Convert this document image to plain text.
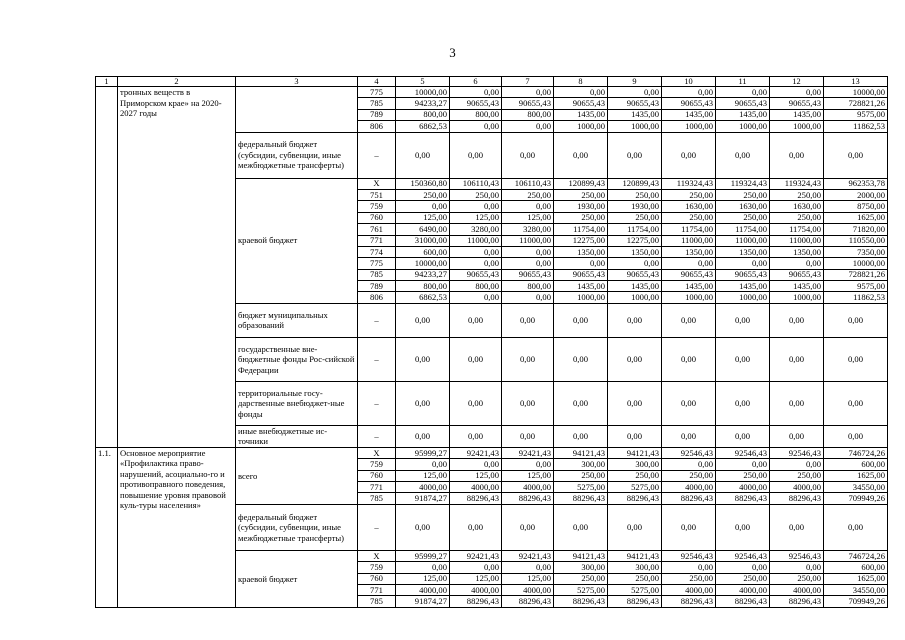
3
1	2	3	4	5	6	7	8	9	10	11	12	13
	тронных веществ в Приморском крае» на 2020-2027 годы		775	10000,00	0,00	0,00	0,00	0,00	0,00	0,00	0,00	10000,00
			785	94233,27	90655,43	90655,43	90655,43	90655,43	90655,43	90655,43	90655,43	728821,26
			789	800,00	800,00	800,00	1435,00	1435,00	1435,00	1435,00	1435,00	9575,00
			806	6862,53	0,00	0,00	1000,00	1000,00	1000,00	1000,00	1000,00	11862,53
		федеральный бюджет (субсидии, субвенции, иные межбюджетные трансферты)	–	0,00	0,00	0,00	0,00	0,00	0,00	0,00	0,00	0,00
		краевой бюджет	X	150360,80	106110,43	106110,43	120899,43	120899,43	119324,43	119324,43	119324,43	962353,78
			751	250,00	250,00	250,00	250,00	250,00	250,00	250,00	250,00	2000,00
			759	0,00	0,00	0,00	1930,00	1930,00	1630,00	1630,00	1630,00	8750,00
			760	125,00	125,00	125,00	250,00	250,00	250,00	250,00	250,00	1625,00
			761	6490,00	3280,00	3280,00	11754,00	11754,00	11754,00	11754,00	11754,00	71820,00
			771	31000,00	11000,00	11000,00	12275,00	12275,00	11000,00	11000,00	11000,00	110550,00
			774	600,00	0,00	0,00	1350,00	1350,00	1350,00	1350,00	1350,00	7350,00
			775	10000,00	0,00	0,00	0,00	0,00	0,00	0,00	0,00	10000,00
			785	94233,27	90655,43	90655,43	90655,43	90655,43	90655,43	90655,43	90655,43	728821,26
			789	800,00	800,00	800,00	1435,00	1435,00	1435,00	1435,00	1435,00	9575,00
			806	6862,53	0,00	0,00	1000,00	1000,00	1000,00	1000,00	1000,00	11862,53
		бюджет муниципальных образований	–	0,00	0,00	0,00	0,00	0,00	0,00	0,00	0,00	0,00
		государственные вне-бюджетные фонды Рос-сийской Федерации	–	0,00	0,00	0,00	0,00	0,00	0,00	0,00	0,00	0,00
		территориальные госу-дарственные внебюджет-ные фонды	–	0,00	0,00	0,00	0,00	0,00	0,00	0,00	0,00	0,00
		иные внебюджетные ис-точники	–	0,00	0,00	0,00	0,00	0,00	0,00	0,00	0,00	0,00
1.1.	Основное мероприятие «Профилактика право-нарушений, асоциально-го и противоправного поведения, повышение уровня правовой куль-туры населения»	всего	X	95999,27	92421,43	92421,43	94121,43	94121,43	92546,43	92546,43	92546,43	746724,26
			759	0,00	0,00	0,00	300,00	300,00	0,00	0,00	0,00	600,00
			760	125,00	125,00	125,00	250,00	250,00	250,00	250,00	250,00	1625,00
			771	4000,00	4000,00	4000,00	5275,00	5275,00	4000,00	4000,00	4000,00	34550,00
			785	91874,27	88296,43	88296,43	88296,43	88296,43	88296,43	88296,43	88296,43	709949,26
		федеральный бюджет (субсидии, субвенции, иные межбюджетные трансферты)	–	0,00	0,00	0,00	0,00	0,00	0,00	0,00	0,00	0,00
		краевой бюджет	X	95999,27	92421,43	92421,43	94121,43	94121,43	92546,43	92546,43	92546,43	746724,26
			759	0,00	0,00	0,00	300,00	300,00	0,00	0,00	0,00	600,00
			760	125,00	125,00	125,00	250,00	250,00	250,00	250,00	250,00	1625,00
			771	4000,00	4000,00	4000,00	5275,00	5275,00	4000,00	4000,00	4000,00	34550,00
			785	91874,27	88296,43	88296,43	88296,43	88296,43	88296,43	88296,43	88296,43	709949,26
